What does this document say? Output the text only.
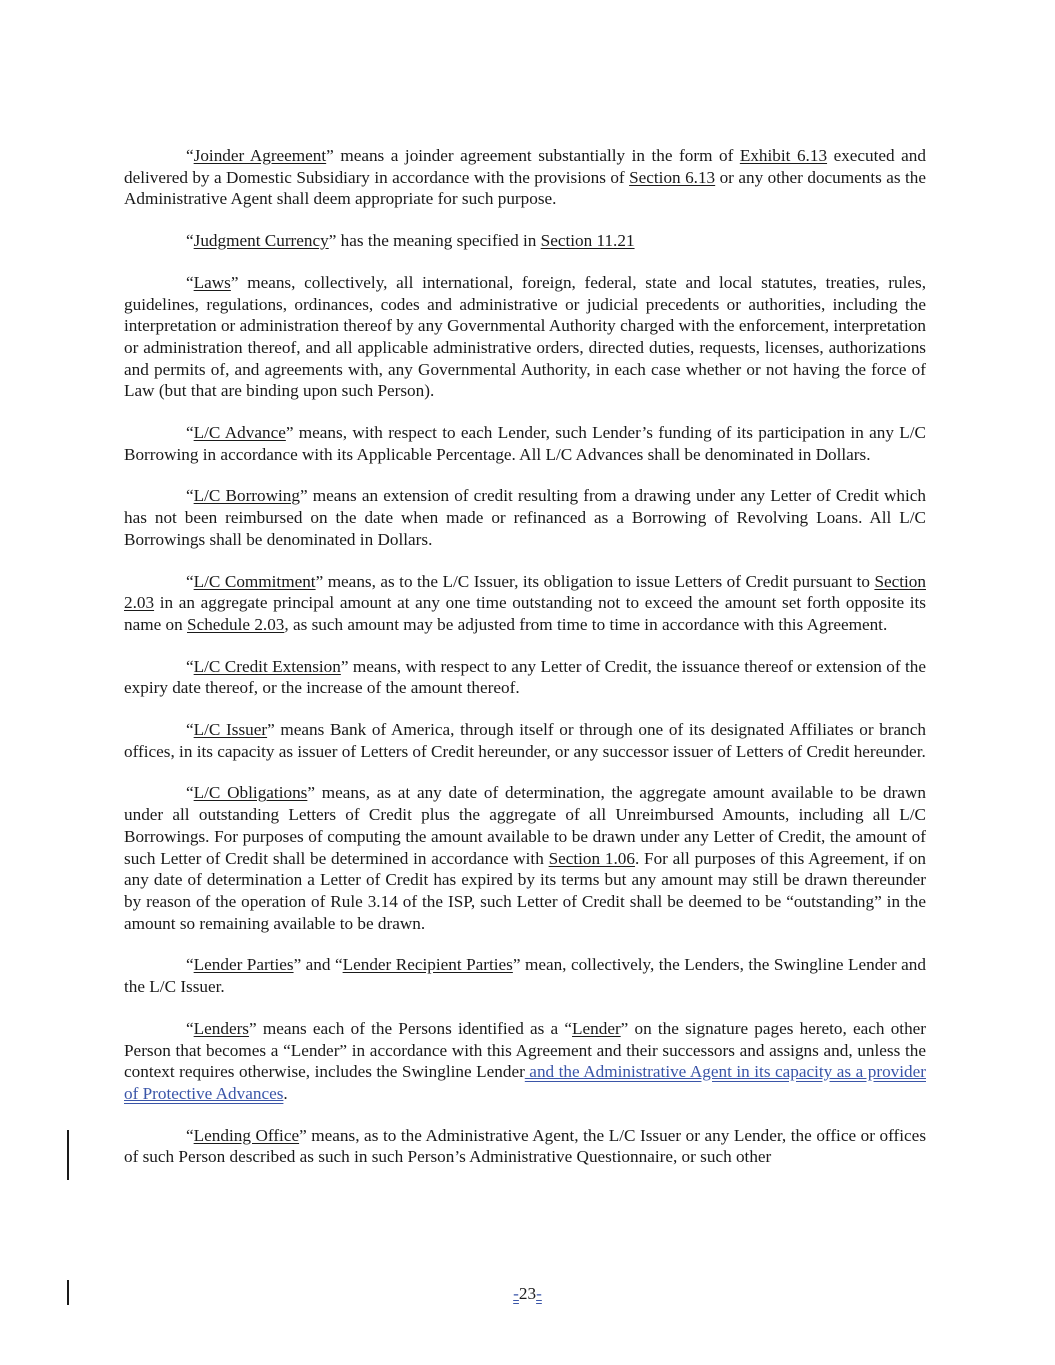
“Joinder Agreement” means a joinder agreement substantially in the form of Exhibit 6.13 executed and delivered by a Domestic Subsidiary in accordance with the provisions of Section 6.13 or any other documents as the Administrative Agent shall deem appropriate for such purpose.

“Judgment Currency” has the meaning specified in Section 11.21

“Laws” means, collectively, all international, foreign, federal, state and local statutes, treaties, rules, guidelines, regulations, ordinances, codes and administrative or judicial precedents or authorities, including the interpretation or administration thereof by any Governmental Authority charged with the enforcement, interpretation or administration thereof, and all applicable administrative orders, directed duties, requests, licenses, authorizations and permits of, and agreements with, any Governmental Authority, in each case whether or not having the force of Law (but that are binding upon such Person).

“L/C Advance” means, with respect to each Lender, such Lender’s funding of its participation in any L/C Borrowing in accordance with its Applicable Percentage. All L/C Advances shall be denominated in Dollars.

“L/C Borrowing” means an extension of credit resulting from a drawing under any Letter of Credit which has not been reimbursed on the date when made or refinanced as a Borrowing of Revolving Loans. All L/C Borrowings shall be denominated in Dollars.

“L/C Commitment” means, as to the L/C Issuer, its obligation to issue Letters of Credit pursuant to Section 2.03 in an aggregate principal amount at any one time outstanding not to exceed the amount set forth opposite its name on Schedule 2.03, as such amount may be adjusted from time to time in accordance with this Agreement.

“L/C Credit Extension” means, with respect to any Letter of Credit, the issuance thereof or extension of the expiry date thereof, or the increase of the amount thereof.

“L/C Issuer” means Bank of America, through itself or through one of its designated Affiliates or branch offices, in its capacity as issuer of Letters of Credit hereunder, or any successor issuer of Letters of Credit hereunder.

“L/C Obligations” means, as at any date of determination, the aggregate amount available to be drawn under all outstanding Letters of Credit plus the aggregate of all Unreimbursed Amounts, including all L/C Borrowings. For purposes of computing the amount available to be drawn under any Letter of Credit, the amount of such Letter of Credit shall be determined in accordance with Section 1.06. For all purposes of this Agreement, if on any date of determination a Letter of Credit has expired by its terms but any amount may still be drawn thereunder by reason of the operation of Rule 3.14 of the ISP, such Letter of Credit shall be deemed to be “outstanding” in the amount so remaining available to be drawn.

“Lender Parties” and “Lender Recipient Parties” mean, collectively, the Lenders, the Swingline Lender and the L/C Issuer.

“Lenders” means each of the Persons identified as a “Lender” on the signature pages hereto, each other Person that becomes a “Lender” in accordance with this Agreement and their successors and assigns and, unless the context requires otherwise, includes the Swingline Lender and the Administrative Agent in its capacity as a provider of Protective Advances.

“Lending Office” means, as to the Administrative Agent, the L/C Issuer or any Lender, the office or offices of such Person described as such in such Person’s Administrative Questionnaire, or such other

-23-
